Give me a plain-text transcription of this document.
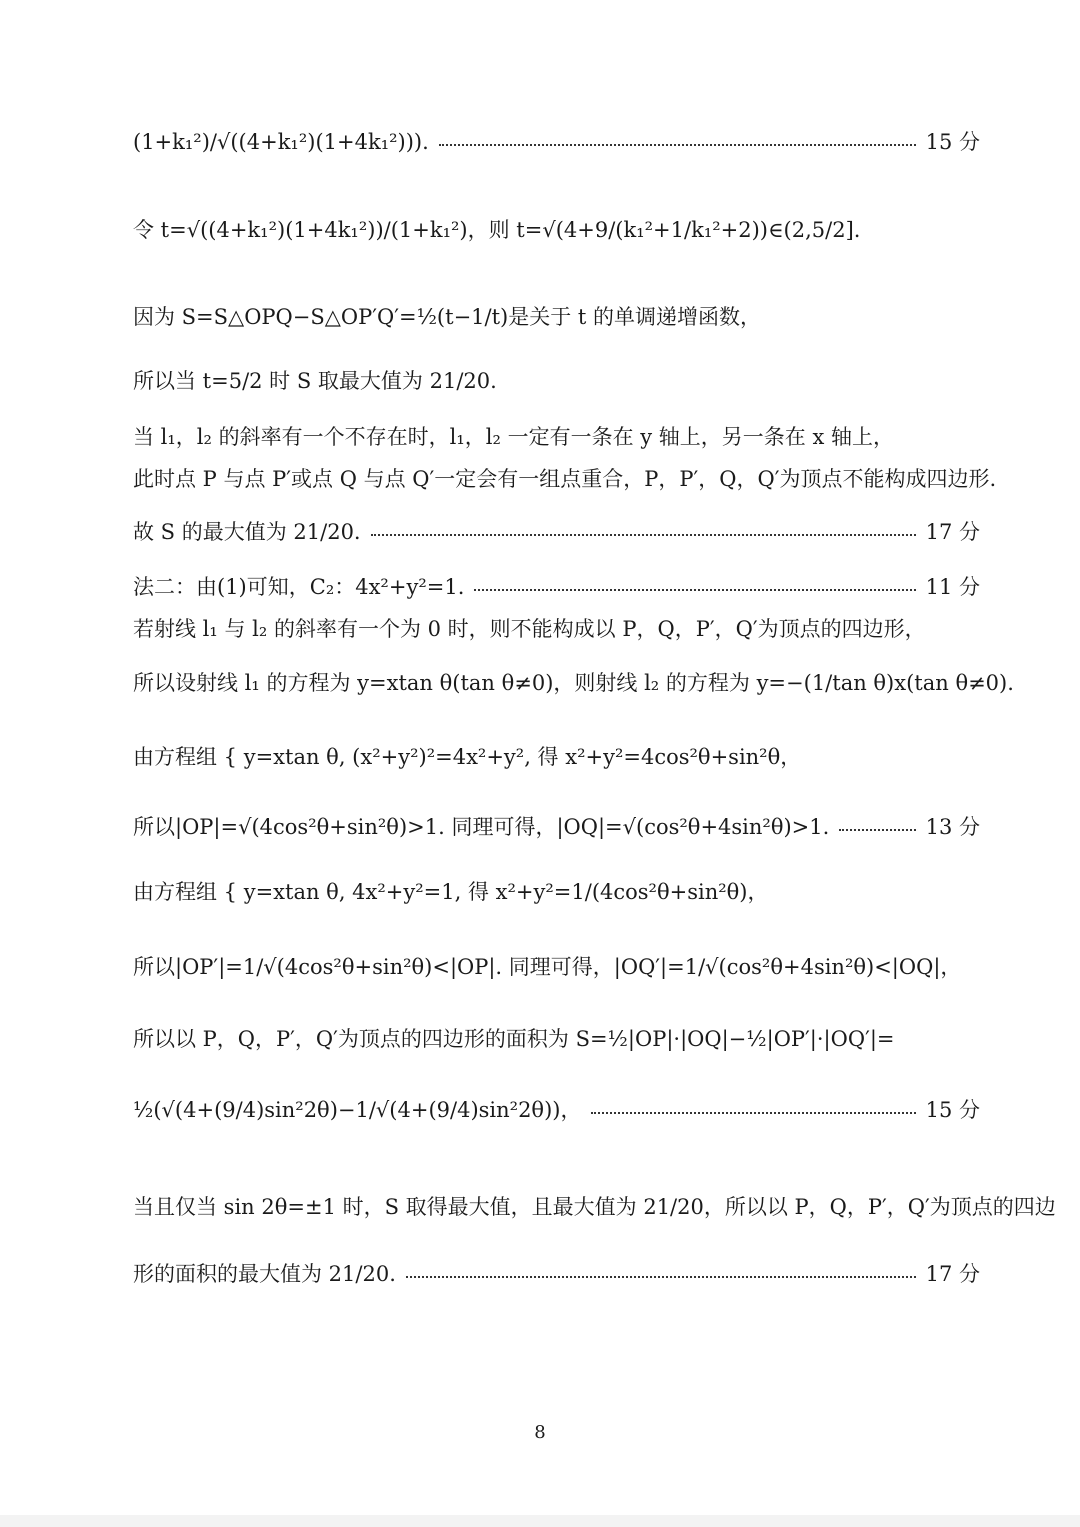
(1+k₁²)/√((4+k₁²)(1+4k₁²))).	15 分
令 t=√((4+k₁²)(1+4k₁²))/(1+k₁²)，则 t=√(4+9/(k₁²+1/k₁²+2))∈(2,5/2].
因为 S=S△OPQ−S△OP′Q′=½(t−1/t)是关于 t 的单调递增函数，
所以当 t=5/2 时 S 取最大值为 21/20.
当 l₁，l₂ 的斜率有一个不存在时，l₁，l₂ 一定有一条在 y 轴上，另一条在 x 轴上，
此时点 P 与点 P′或点 Q 与点 Q′一定会有一组点重合，P，P′，Q，Q′为顶点不能构成四边形.
故 S 的最大值为 21/20.	17 分
法二：由(1)可知，C₂：4x²+y²=1.	11 分
若射线 l₁ 与 l₂ 的斜率有一个为 0 时，则不能构成以 P，Q，P′，Q′为顶点的四边形，
所以设射线 l₁ 的方程为 y=xtan θ(tan θ≠0)，则射线 l₂ 的方程为 y=−(1/tan θ)x(tan θ≠0).
由方程组 { y=xtan θ, (x²+y²)²=4x²+y², 得 x²+y²=4cos²θ+sin²θ，
所以|OP|=√(4cos²θ+sin²θ)>1. 同理可得，|OQ|=√(cos²θ+4sin²θ)>1.	13 分
由方程组 { y=xtan θ, 4x²+y²=1, 得 x²+y²=1/(4cos²θ+sin²θ)，
所以|OP′|=1/√(4cos²θ+sin²θ)<|OP|. 同理可得，|OQ′|=1/√(cos²θ+4sin²θ)<|OQ|，
所以以 P，Q，P′，Q′为顶点的四边形的面积为 S=½|OP|·|OQ|−½|OP′|·|OQ′|=
½(√(4+(9/4)sin²2θ)−1/√(4+(9/4)sin²2θ))，	15 分
当且仅当 sin 2θ=±1 时，S 取得最大值，且最大值为 21/20，所以以 P，Q，P′，Q′为顶点的四边
形的面积的最大值为 21/20.	17 分
8
